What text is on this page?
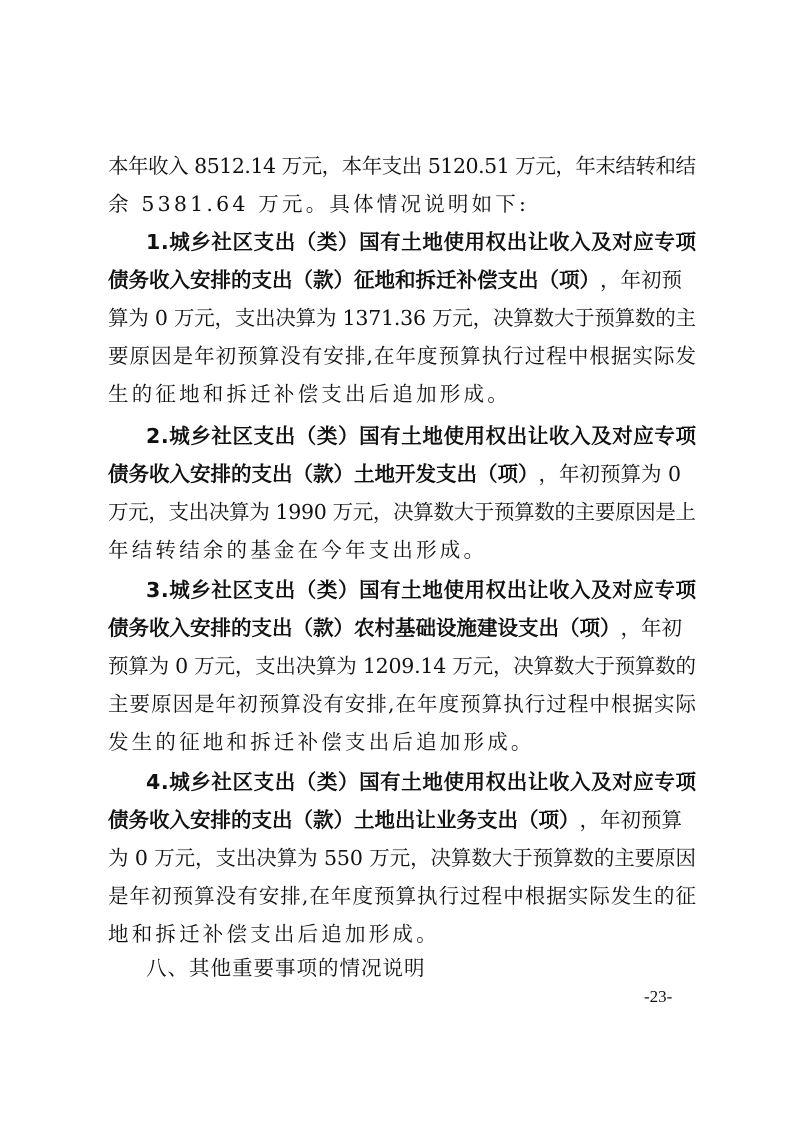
本年收入 8512.14 万元，本年支出 5120.51 万元，年末结转和结
余 5381.64 万元。具体情况说明如下:
1.城乡社区支出（类）国有土地使用权出让收入及对应专项
债务收入安排的支出（款）征地和拆迁补偿支出（项） ，年初预
算为 0 万元，支出决算为 1371.36 万元，决算数大于预算数的主
要原因是年初预算没有安排,在年度预算执行过程中根据实际发
生的征地和拆迁补偿支出后追加形成。
2.城乡社区支出（类）国有土地使用权出让收入及对应专项
债务收入安排的支出（款）土地开发支出（项） ，年初预算为 0
万元，支出决算为 1990 万元，决算数大于预算数的主要原因是上
年结转结余的基金在今年支出形成。
3.城乡社区支出（类）国有土地使用权出让收入及对应专项
债务收入安排的支出（款）农村基础设施建设支出（项） ，年初
预算为 0 万元，支出决算为 1209.14 万元，决算数大于预算数的
主要原因是年初预算没有安排,在年度预算执行过程中根据实际
发生的征地和拆迁补偿支出后追加形成。
4.城乡社区支出（类）国有土地使用权出让收入及对应专项
债务收入安排的支出（款）土地出让业务支出（项） ，年初预算
为 0 万元，支出决算为 550 万元，决算数大于预算数的主要原因
是年初预算没有安排,在年度预算执行过程中根据实际发生的征
地和拆迁补偿支出后追加形成。
八、其他重要事项的情况说明
-23-
